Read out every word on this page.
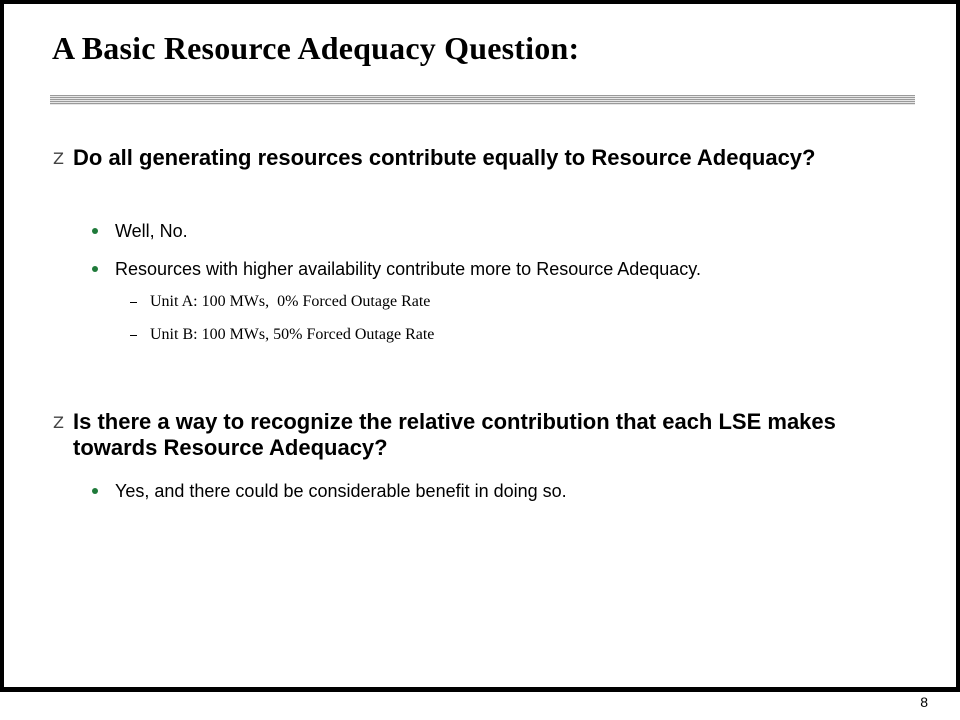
A Basic Resource Adequacy Question:
Z Do all generating resources contribute equally to Resource Adequacy?
Well, No.
Resources with higher availability contribute more to Resource Adequacy.
Unit A: 100 MWs,  0% Forced Outage Rate
Unit B: 100 MWs, 50% Forced Outage Rate
Z Is there a way to recognize the relative contribution that each LSE makes towards Resource Adequacy?
Yes, and there could be considerable benefit in doing so.
8
